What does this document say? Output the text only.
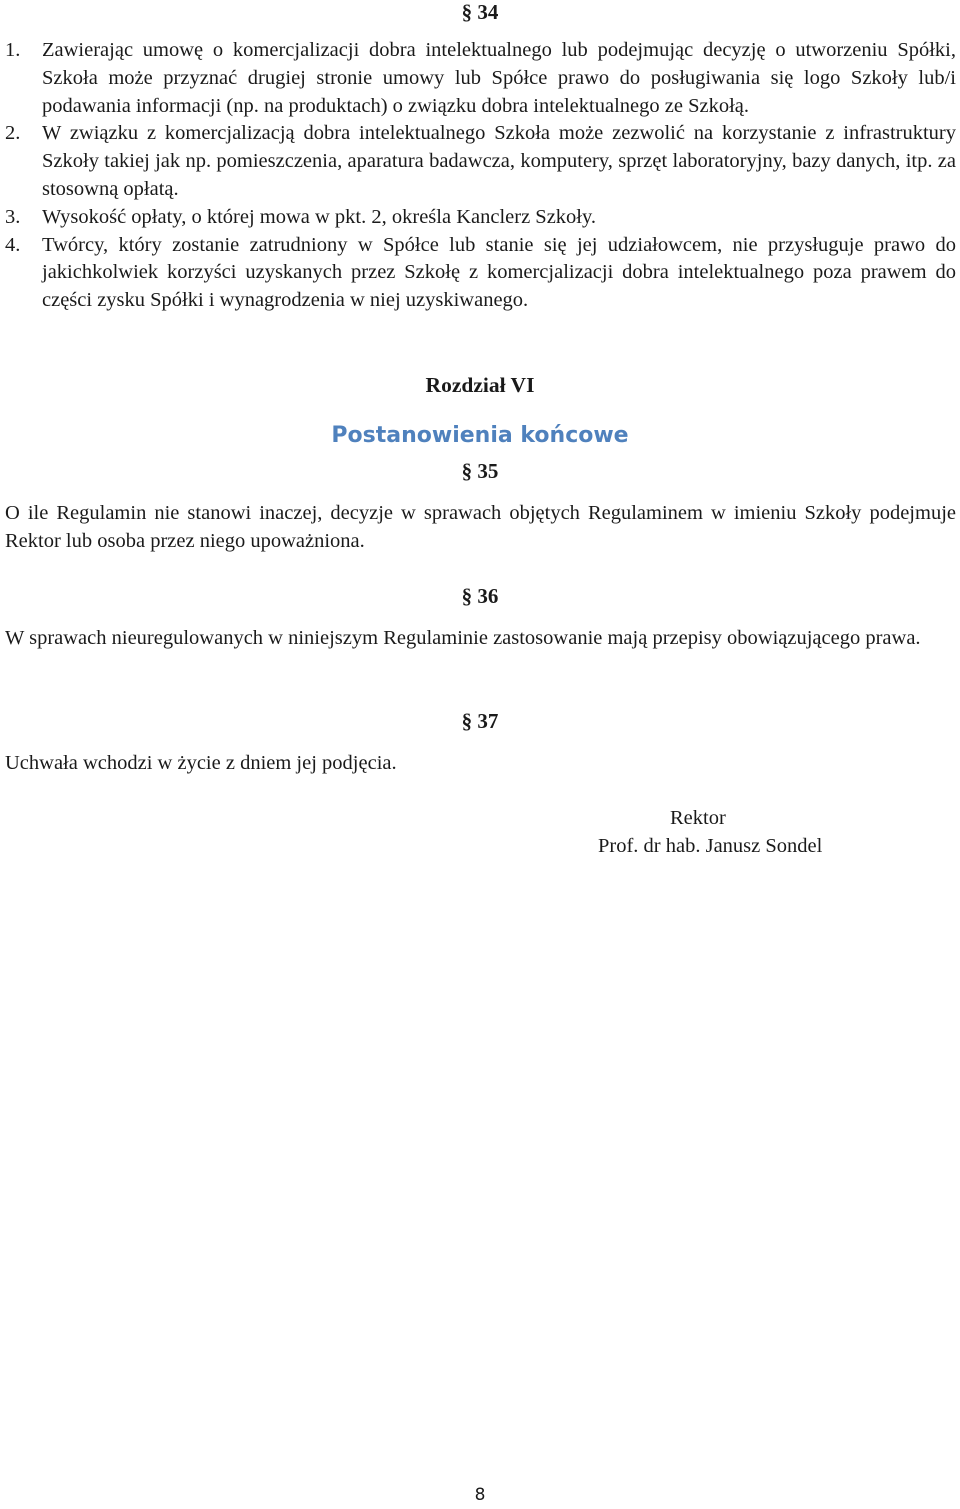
§ 34
1. Zawierając umowę o komercjalizacji dobra intelektualnego lub podejmując decyzję o utworzeniu Spółki, Szkoła może przyznać drugiej stronie umowy lub Spółce prawo do posługiwania się logo Szkoły lub/i podawania informacji (np. na produktach) o związku dobra intelektualnego ze Szkołą.
2. W związku z komercjalizacją dobra intelektualnego Szkoła może zezwolić na korzystanie z infrastruktury Szkoły takiej jak np. pomieszczenia, aparatura badawcza, komputery, sprzęt laboratoryjny, bazy danych, itp. za stosowną opłatą.
3. Wysokość opłaty, o której mowa w pkt. 2, określa Kanclerz Szkoły.
4. Twórcy, który zostanie zatrudniony w Spółce lub stanie się jej udziałowcem, nie przysługuje prawo do jakichkolwiek korzyści uzyskanych przez Szkołę z komercjalizacji dobra intelektualnego poza prawem do części zysku Spółki i wynagrodzenia w niej uzyskiwanego.
Rozdział VI
Postanowienia końcowe
§ 35

O ile Regulamin nie stanowi inaczej, decyzje w sprawach objętych Regulaminem w imieniu Szkoły podejmuje Rektor lub osoba przez niego upoważniona.

§ 36

W sprawach nieuregulowanych w niniejszym Regulaminie zastosowanie mają przepisy obowiązującego prawa.

§ 37

Uchwała wchodzi w życie z dniem jej podjęcia.

Rektor
Prof. dr hab. Janusz Sondel
8
